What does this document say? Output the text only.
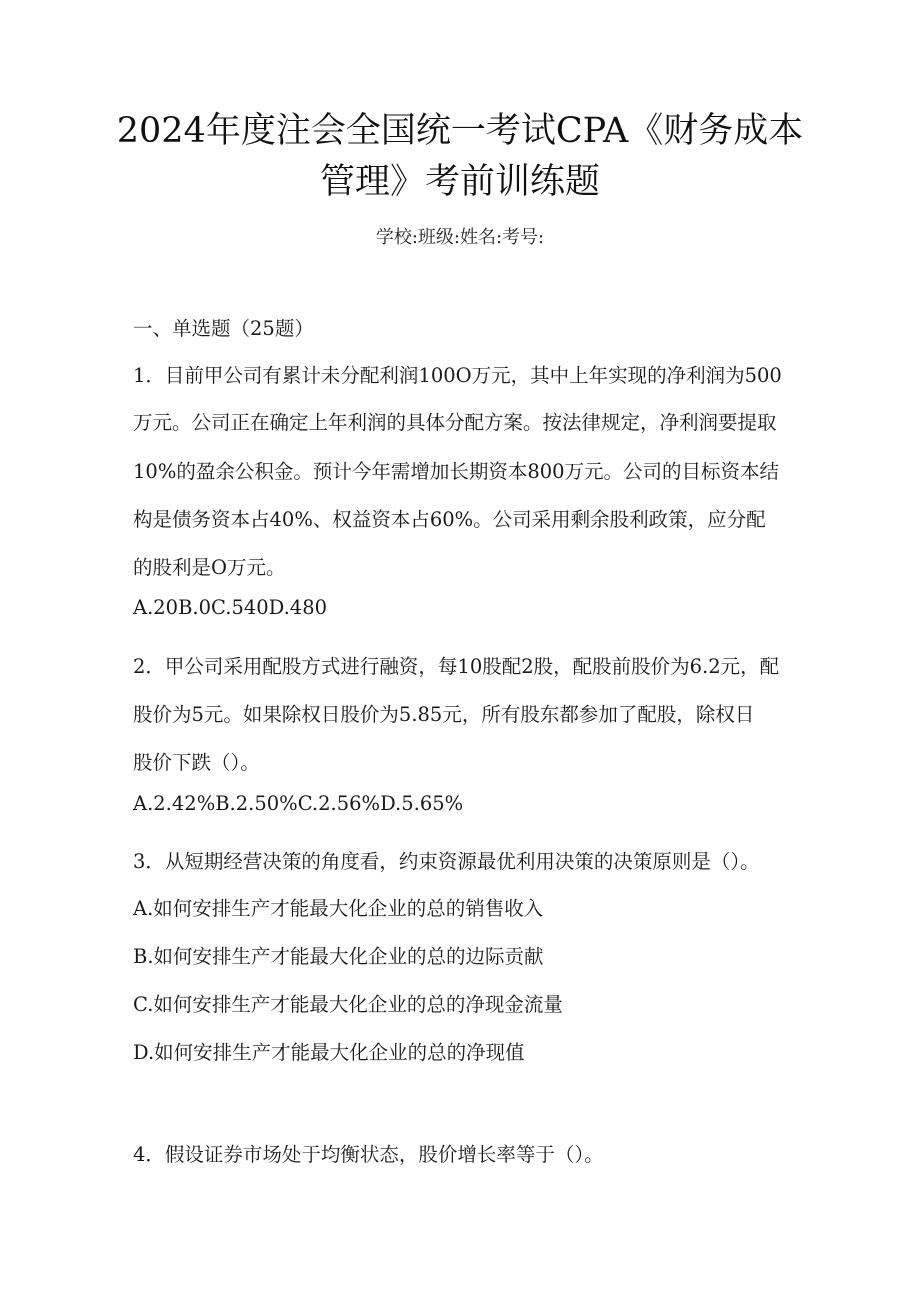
2024年度注会全国统一考试CPA《财务成本
管理》考前训练题
学校:班级:姓名:考号:
一、单选题（25题）
1．目前甲公司有累计未分配利润100O万元，其中上年实现的净利润为500
万元。公司正在确定上年利润的具体分配方案。按法律规定，净利润要提取
10%的盈余公积金。预计今年需增加长期资本800万元。公司的目标资本结
构是债务资本占40%、权益资本占60%。公司采用剩余股利政策，应分配
的股利是O万元。
A.20B.0C.540D.480
2．甲公司采用配股方式进行融资，每10股配2股，配股前股价为6.2元，配
股价为5元。如果除权日股价为5.85元，所有股东都参加了配股，除权日
股价下跌（）。
A.2.42%B.2.50%C.2.56%D.5.65%
3．从短期经营决策的角度看，约束资源最优利用决策的决策原则是（）。
A.如何安排生产才能最大化企业的总的销售收入
B.如何安排生产才能最大化企业的总的边际贡献
C.如何安排生产才能最大化企业的总的净现金流量
D.如何安排生产才能最大化企业的总的净现值
4．假设证券市场处于均衡状态，股价增长率等于（）。
